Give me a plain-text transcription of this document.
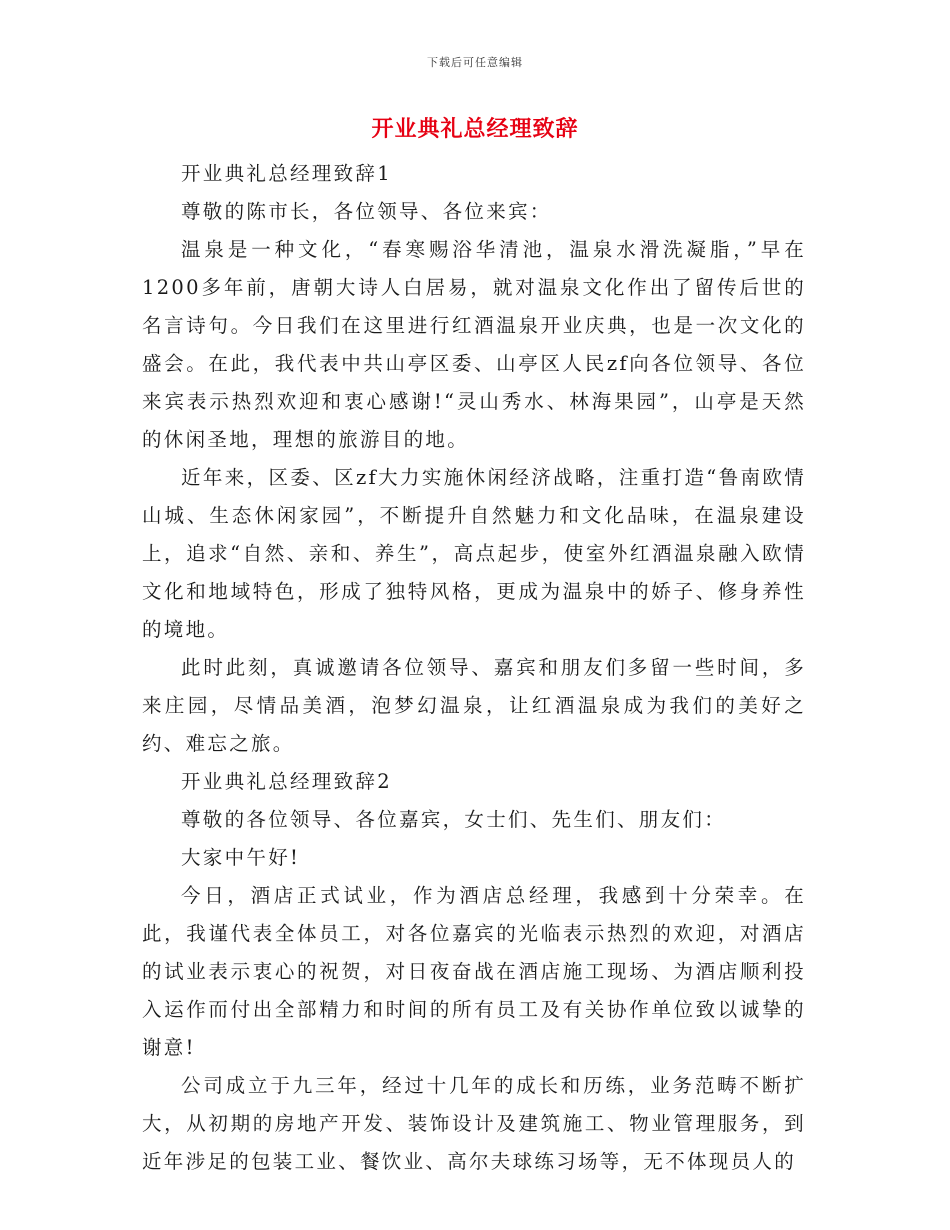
下载后可任意编辑
开业典礼总经理致辞

开业典礼总经理致辞1

尊敬的陈市长，各位领导、各位来宾：

温泉是一种文化，“春寒赐浴华清池，温泉水滑洗凝脂，”早在1200多年前，唐朝大诗人白居易，就对温泉文化作出了留传后世的名言诗句。今日我们在这里进行红酒温泉开业庆典，也是一次文化的盛会。在此，我代表中共山亭区委、山亭区人民zf向各位领导、各位来宾表示热烈欢迎和衷心感谢!“灵山秀水、林海果园”，山亭是天然的休闲圣地，理想的旅游目的地。

近年来，区委、区zf大力实施休闲经济战略，注重打造“鲁南欧情山城、生态休闲家园”，不断提升自然魅力和文化品味，在温泉建设上，追求“自然、亲和、养生”，高点起步，使室外红酒温泉融入欧情文化和地域特色，形成了独特风格，更成为温泉中的娇子、修身养性的境地。

此时此刻，真诚邀请各位领导、嘉宾和朋友们多留一些时间，多来庄园，尽情品美酒，泡梦幻温泉，让红酒温泉成为我们的美好之约、难忘之旅。

开业典礼总经理致辞2

尊敬的各位领导、各位嘉宾，女士们、先生们、朋友们：

大家中午好!

今日，酒店正式试业，作为酒店总经理，我感到十分荣幸。在此，我谨代表全体员工，对各位嘉宾的光临表示热烈的欢迎，对酒店的试业表示衷心的祝贺，对日夜奋战在酒店施工现场、为酒店顺利投入运作而付出全部精力和时间的所有员工及有关协作单位致以诚挚的谢意!

公司成立于九三年，经过十几年的成长和历练，业务范畴不断扩大，从初期的房地产开发、装饰设计及建筑施工、物业管理服务，到近年涉足的包装工业、餐饮业、高尔夫球练习场等，无不体现员人的
